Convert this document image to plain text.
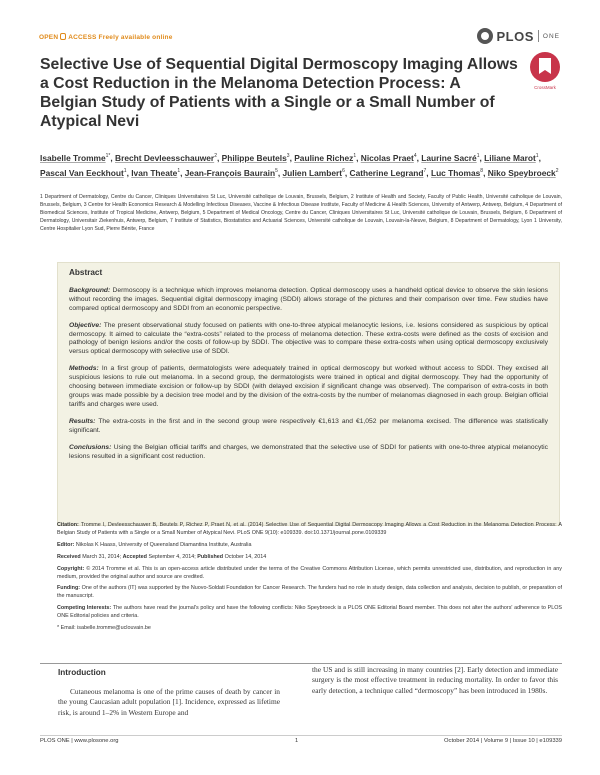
OPEN ACCESS Freely available online	PLOS ONE
Selective Use of Sequential Digital Dermoscopy Imaging Allows a Cost Reduction in the Melanoma Detection Process: A Belgian Study of Patients with a Single or a Small Number of Atypical Nevi
CrossMark
Isabelle Tromme$^{1*}$, Brecht Devleesschauwer$^2$, Philippe Beutels$^3$, Pauline Richez$^1$, Nicolas Praet$^4$, Laurine Sacré$^1$, Liliane Marot$^1$, Pascal Van Eeckhout$^1$, Ivan Theate$^1$, Jean-François Baurain$^5$, Julien Lambert$^6$, Catherine Legrand$^7$, Luc Thomas$^8$, Niko Speybroeck$^2$
1 Department of Dermatology, Centre du Cancer, Cliniques Universitaires St Luc, Université catholique de Louvain, Brussels, Belgium, 2 Institute of Health and Society, Faculty of Public Health, Université catholique de Louvain, Brussels, Belgium, 3 Centre for Health Economics Research & Modelling Infectious Diseases, Vaccine & Infectious Disease Institute, Faculty of Medicine & Health Sciences, University of Antwerp, Antwerp, Belgium, 4 Department of Biomedical Sciences, Institute of Tropical Medicine, Antwerp, Belgium, 5 Department of Medical Oncology, Centre du Cancer, Cliniques Universitaires St Luc, Université catholique de Louvain, Brussels, Belgium, 6 Department of Dermatology, Universitair Ziekenhuis, Antwerp, Belgium, 7 Institute of Statistics, Biostatistics and Actuarial Sciences, Université catholique de Louvain, Louvain-la-Neuve, Belgium, 8 Department of Dermatology, Lyon 1 University, Centre Hospitalier Lyon Sud, Pierre Bénite, France
Abstract

Background: Dermoscopy is a technique which improves melanoma detection. Optical dermoscopy uses a handheld optical device to observe the skin lesions without recording the images. Sequential digital dermoscopy imaging (SDDI) allows storage of the pictures and their comparison over time. Few studies have compared optical dermoscopy and SDDI from an economic perspective.

Objective: The present observational study focused on patients with one-to-three atypical melanocytic lesions, i.e. lesions considered as suspicious by optical dermoscopy. It aimed to calculate the “extra-costs” related to the process of melanoma detection. These extra-costs were defined as the costs of excision and pathology of benign lesions and/or the costs of follow-up by SDDI. The objective was to compare these extra-costs when using optical dermoscopy exclusively versus optical dermoscopy with selective use of SDDI.

Methods: In a first group of patients, dermatologists were adequately trained in optical dermoscopy but worked without access to SDDI. They excised all suspicious lesions to rule out melanoma. In a second group, the dermatologists were trained in optical and digital dermoscopy. They had the opportunity of choosing between immediate excision or follow-up by SDDI (with delayed excision if significant change was observed). The comparison of extra-costs in both groups was made possible by a decision tree model and by the division of the extra-costs by the number of melanomas diagnosed in each group. Belgian official tariffs and charges were used.

Results: The extra-costs in the first and in the second group were respectively €1,613 and €1,052 per melanoma excised. The difference was statistically significant.

Conclusions: Using the Belgian official tariffs and charges, we demonstrated that the selective use of SDDI for patients with one-to-three atypical melanocytic lesions resulted in a significant cost reduction.

Citation: Tromme I, Devleesschauwer B, Beutels P, Richez P, Praet N, et al. (2014) Selective Use of Sequential Digital Dermoscopy Imaging Allows a Cost Reduction in the Melanoma Detection Process: A Belgian Study of Patients with a Single or a Small Number of Atypical Nevi. PLoS ONE 9(10): e109339. doi:10.1371/journal.pone.0109339

Editor: Nikolas K Haass, University of Queensland Diamantina Institute, Australia

Received March 31, 2014; Accepted September 4, 2014; Published October 14, 2014

Copyright: © 2014 Tromme et al. This is an open-access article distributed under the terms of the Creative Commons Attribution License, which permits unrestricted use, distribution, and reproduction in any medium, provided the original author and source are credited.

Funding: One of the authors (IT) was supported by the Nuovo-Soldati Foundation for Cancer Research. The funders had no role in study design, data collection and analysis, decision to publish, or preparation of the manuscript.

Competing Interests: The authors have read the journal's policy and have the following conflicts: Niko Speybroeck is a PLOS ONE Editorial Board member. This does not alter the authors' adherence to PLOS ONE Editorial policies and criteria.

* Email: isabelle.tromme@uclouvain.be

Introduction

Cutaneous melanoma is one of the prime causes of death by cancer in the young Caucasian adult population [1]. Incidence, expressed as lifetime risk, is around 1–2% in Western Europe and

the US and is still increasing in many countries [2]. Early detection and immediate surgery is the most effective treatment in reducing mortality. In order to favor this early detection, a technique called “dermoscopy” has been introduced in 1980s.

PLOS ONE | www.plosone.org	1	October 2014 | Volume 9 | Issue 10 | e109339
